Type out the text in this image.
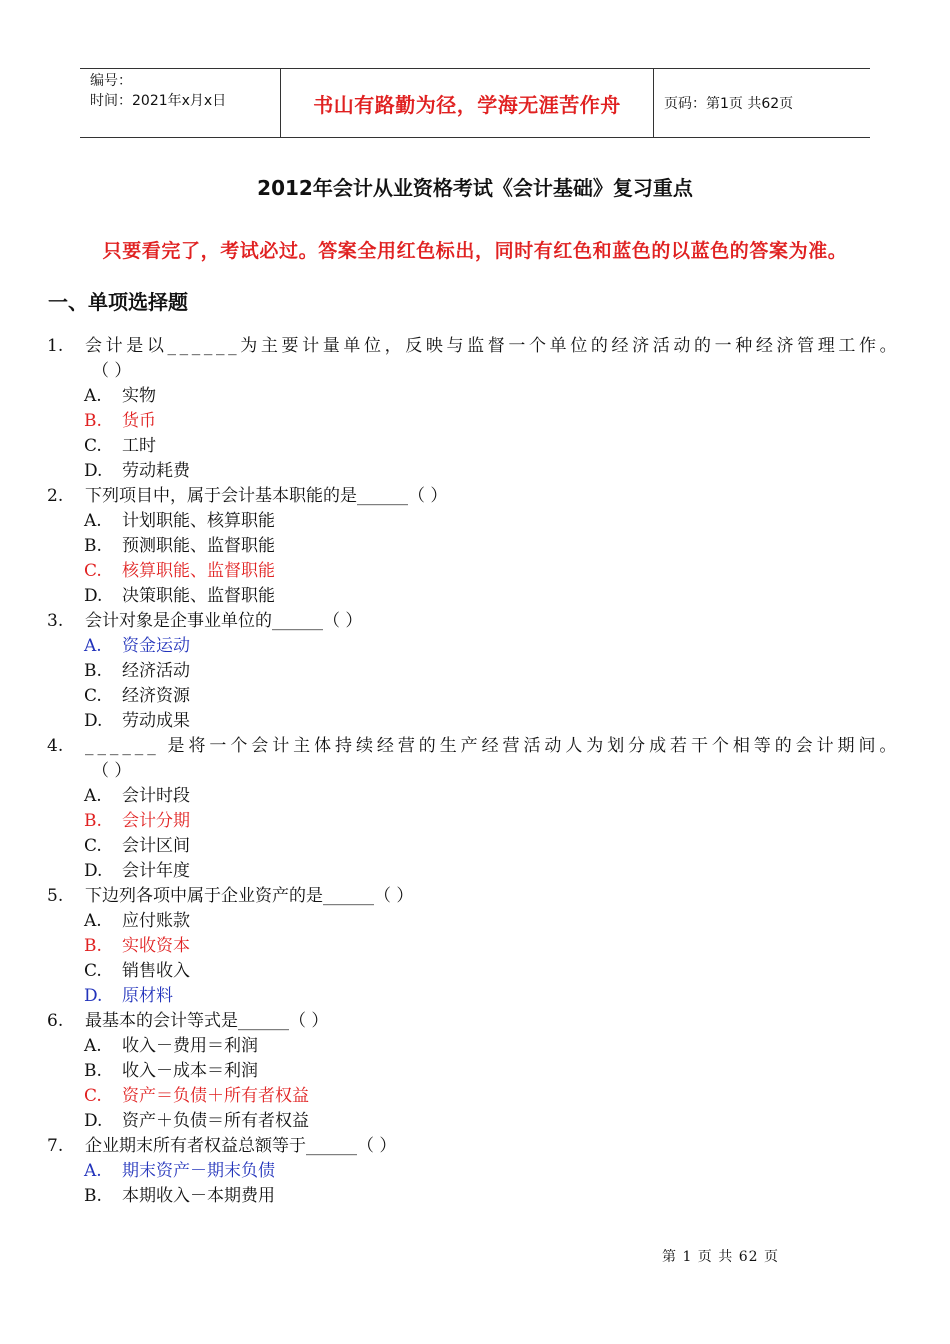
编号：
时间：2021年x月x日	书山有路勤为径，学海无涯苦作舟	页码：第1页 共62页
2012年会计从业资格考试《会计基础》复习重点
只要看完了，考试必过。答案全用红色标出，同时有红色和蓝色的以蓝色的答案为准。
一、单项选择题
1. 会 计 是 以 _ _ _ _ _ _ 为 主 要 计 量 单 位 ， 反 映 与 监 督 一 个 单 位 的 经 济 活 动 的 一 种 经 济 管 理 工 作 。
（ ）
A. 实物
B. 货币
C. 工时
D. 劳动耗费
2. 下列项目中，属于会计基本职能的是______（ ）
A. 计划职能、核算职能
B. 预测职能、监督职能
C. 核算职能、监督职能
D. 决策职能、监督职能
3. 会计对象是企事业单位的______（ ）
A. 资金运动
B. 经济活动
C. 经济资源
D. 劳动成果
4. _ _ _ _ _ _ 是 将 一 个 会 计 主 体 持 续 经 营 的 生 产 经 营 活 动 人 为 划 分 成 若 干 个 相 等 的 会 计 期 间 。
（ ）
A. 会计时段
B. 会计分期
C. 会计区间
D. 会计年度
5. 下边列各项中属于企业资产的是______（ ）
A. 应付账款
B. 实收资本
C. 销售收入
D. 原材料
6. 最基本的会计等式是______（ ）
A. 收入－费用＝利润
B. 收入－成本＝利润
C. 资产＝负债＋所有者权益
D. 资产＋负债＝所有者权益
7. 企业期末所有者权益总额等于______（ ）
A. 期末资产－期末负债
B. 本期收入－本期费用
第 1 页 共 62 页
